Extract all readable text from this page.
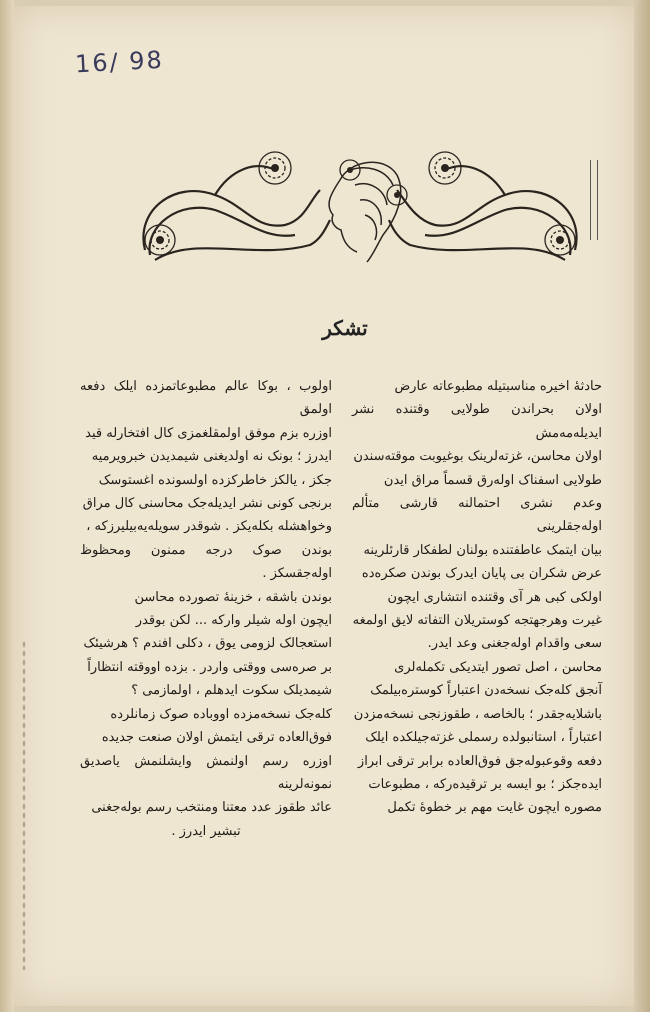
16/ 98
تشکر

حادثهٔ اخیره مناسبتیله مطبوعاته عارض

اولان بحراندن طولایی وقتنده نشر ایدیله‌مه‌مش

اولان محاسن، غزته‌لرینک بوغیوبت موقته‌سندن

طولایی اسفناک اوله‌رق قسماً مراق ایدن

وعدم نشری احتمالنه قارشی متألم اوله‌جقلرینی

بیان ایتمک عاطفتنده بولنان لطفکار قارئلرینه

عرض شکران بی پایان ایدرک بوندن صکره‌ده

اولکی کبی هر آی وقتنده انتشاری ایچون

غیرت وهرجهتجه کوستریلان التفاته لایق اولمغه

سعی واقدام اوله‌جغنی وعد ایدر.

محاسن ، اصل تصور ایتدیکی تکمله‌لری

آنجق کله‌جک نسخه‌دن اعتباراً کوستره‌بیلمک

باشلایه‌جقدر ؛ بالخاصه ، طقوزنجی نسخه‌مزدن

اعتباراً ، استانبولده رسملی غزته‌جیلکده ایلک

دفعه وقوعبوله‌جق فوق‌العاده برابر ترقی ابراز

ایده‌جکز ؛ بو ایسه بر ترقیده‌رکه ، مطبوعات

مصوره ایچون غایت مهم بر خطوهٔ تکمل

اولوب ، بوکا عالم مطبوعاتمزده ایلک دفعه اولمق

اوزره بزم موفق اولمقلغمزی کال افتخارله قید

ایدرز ؛ بونک نه اولدیغنی شیمدیدن خبرویرمیه‌

جکز ، یالکز خاطرکزده اولسونده اغستوسک

برنجی کونی نشر ایدیله‌جک محاسنی کال مراق

وخواهشله بکله‌یکز . شوقدر سویله‌یه‌بیلیرزکه ،

بوندن صوک درجه ممنون ومحظوظ اوله‌جقسکز .

بوندن باشقه ، خزینهٔ تصورده محاسن

ایچون اوله شیلر وارکه ... لکن بوقدر

استعجالک لزومی یوق ، دکلی افندم ؟ هرشیئک

بر صره‌سی ووقتی واردر . بزده اووقته انتظاراً

شیمدیلک سکوت ایدهلم ، اولمازمی ؟

کله‌جک نسخه‌مزده اووباده صوک زمانلرده

فوق‌العاده ترقی ایتمش اولان صنعت جدیده

اوزره رسم اولنمش وایشلنمش یاصدیق نمونه‌لرینه

عائد طقوز عدد معتنا ومنتخب رسم بوله‌جغنی

تبشیر ایدرز .
